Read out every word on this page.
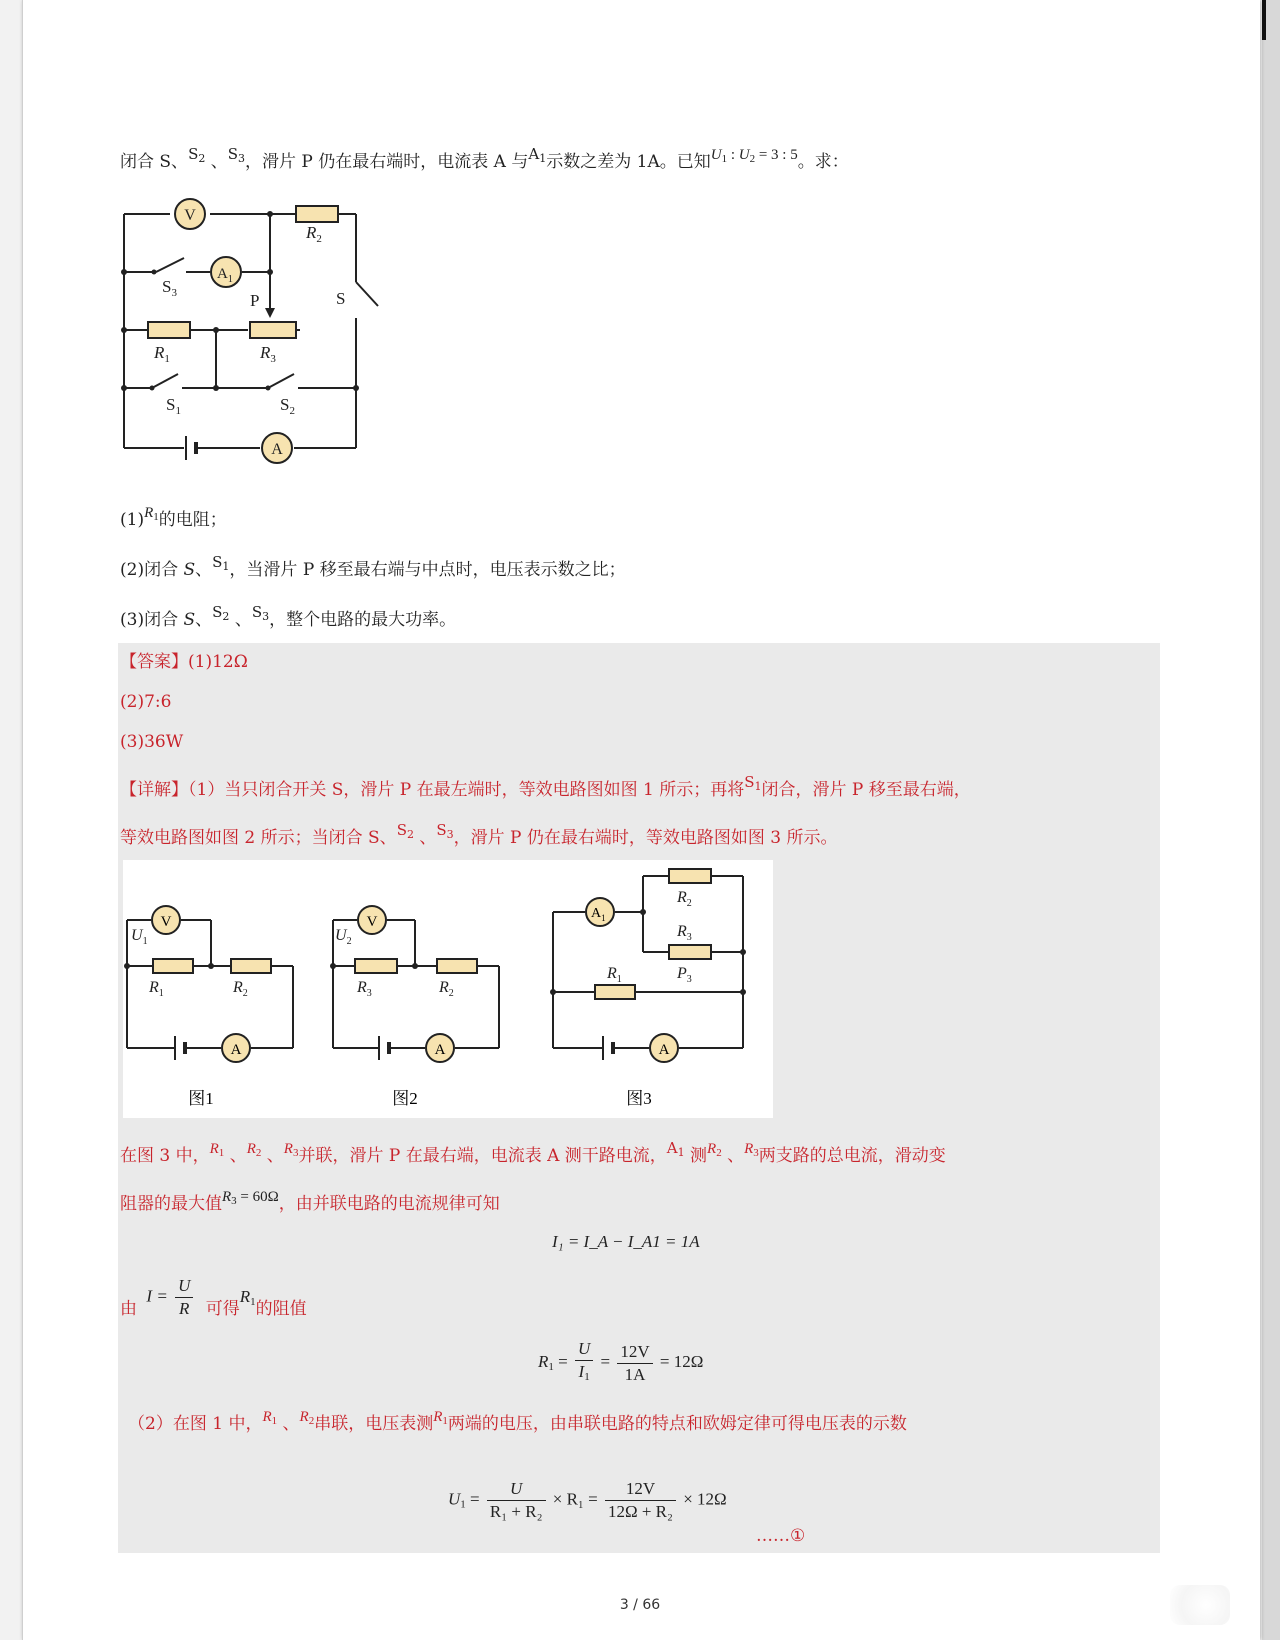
闭合 S、$S_2$ 、$S_3$，滑片 P 仍在最右端时，电流表 A 与$A_1$示数之差为 1A。已知$U_1$ : $U_2 = 3$ : 5。求：
V
$A_1$
A
$R_2$
$S_3$	P	S
$R_1$	$R_3$
$S_1$	$S_2$
$(1)R_1$的电阻；
(2)闭合 S、$S_1$，当滑片 P 移至最右端与中点时，电压表示数之比；
(3)闭合 S、$S_2$ 、$S_3$，整个电路的最大功率。
【答案】(1)12Ω
(2)7:6
(3)36W
【详解】（1）当只闭合开关 S，滑片 P 在最左端时，等效电路图如图 1 所示；再将$S_1$闭合，滑片 P 移至最右端，
等效电路图如图 2 所示；当闭合 S、$S_2$ 、$S_3$，滑片 P 仍在最右端时，等效电路图如图 3 所示。
V	V
A	A	A
$A_1$
$U_1$
$R_1$	$R_2$
$U_2$
$R_3$	$R_2$
$R_2$
$R_3$
$P_3$
$R_1$
图1	图2	图3
在图 3 中，$R_1$ 、$R_2$ 、$R_3$并联，滑片 P 在最右端，电流表 A 测干路电流，$A_1$ 测$R_2$ 、$R_3$两支路的总电流，滑动变
阻器的最大值$R_3 = 60\Omega$，由并联电路的电流规律可知
I₁ = I_A − I_A1 = 1A
由 $I = \frac{U}{R}$ 可得$R_1$的阻值
$R_1 = \frac{U}{I_1} = \frac{12V}{1A} = 12\Omega$
（2）在图 1 中，$R_1$ 、$R_2$串联，电压表测$R_1$两端的电压，由串联电路的特点和欧姆定律可得电压表的示数
$U_1 = \frac{U}{\text{R₁ + R₂}} \times R_1 = \frac{12V}{\text{12Ω + R₂}} \times 12\Omega$
……①
3 / 66
